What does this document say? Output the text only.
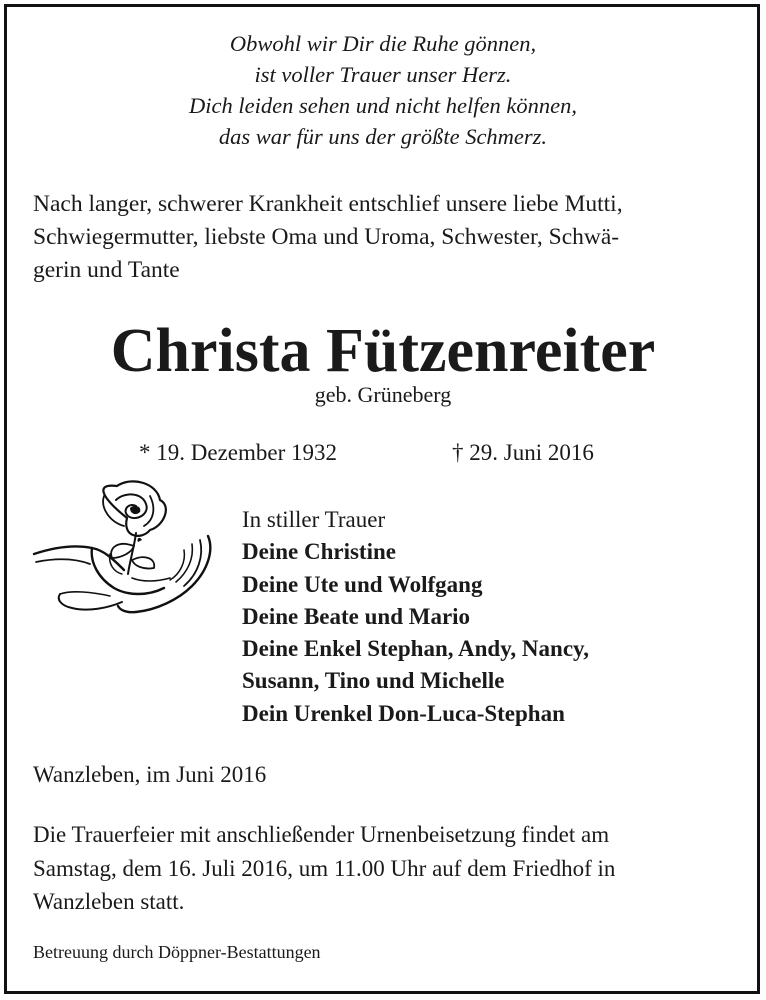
Obwohl wir Dir die Ruhe gönnen,
ist voller Trauer unser Herz.
Dich leiden sehen und nicht helfen können,
das war für uns der größte Schmerz.
Nach langer, schwerer Krankheit entschlief unsere liebe Mutti,
Schwiegermutter, liebste Oma und Uroma, Schwester, Schwä-
gerin und Tante
Christa Fützenreiter
geb. Grüneberg
* 19. Dezember 1932	† 29. Juni 2016
In stiller Trauer
Deine Christine
Deine Ute und Wolfgang
Deine Beate und Mario
Deine Enkel Stephan, Andy, Nancy,
Susann, Tino und Michelle
Dein Urenkel Don-Luca-Stephan
Wanzleben, im Juni 2016
Die Trauerfeier mit anschließender Urnenbeisetzung findet am
Samstag, dem 16. Juli 2016, um 11.00 Uhr auf dem Friedhof in
Wanzleben statt.
Betreuung durch Döppner-Bestattungen
